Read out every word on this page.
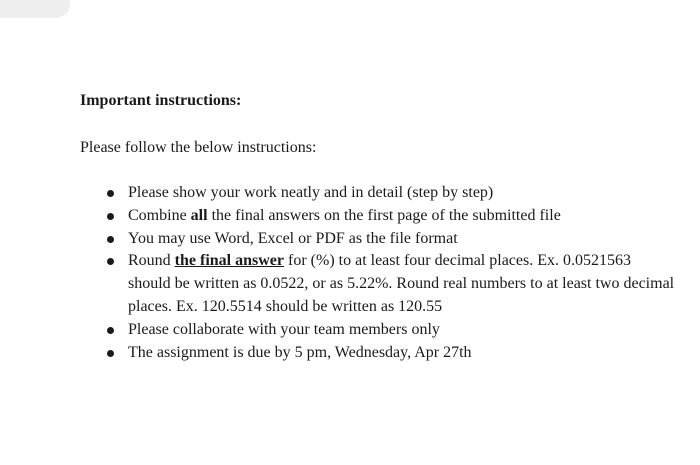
Important instructions:

Please follow the below instructions:

Please show your work neatly and in detail (step by step)
Combine all the final answers on the first page of the submitted file
You may use Word, Excel or PDF as the file format
Round the final answer for (%) to at least four decimal places. Ex. 0.0521563 should be written as 0.0522, or as 5.22%. Round real numbers to at least two decimal places. Ex. 120.5514 should be written as 120.55
Please collaborate with your team members only
The assignment is due by 5 pm, Wednesday, Apr 27th
